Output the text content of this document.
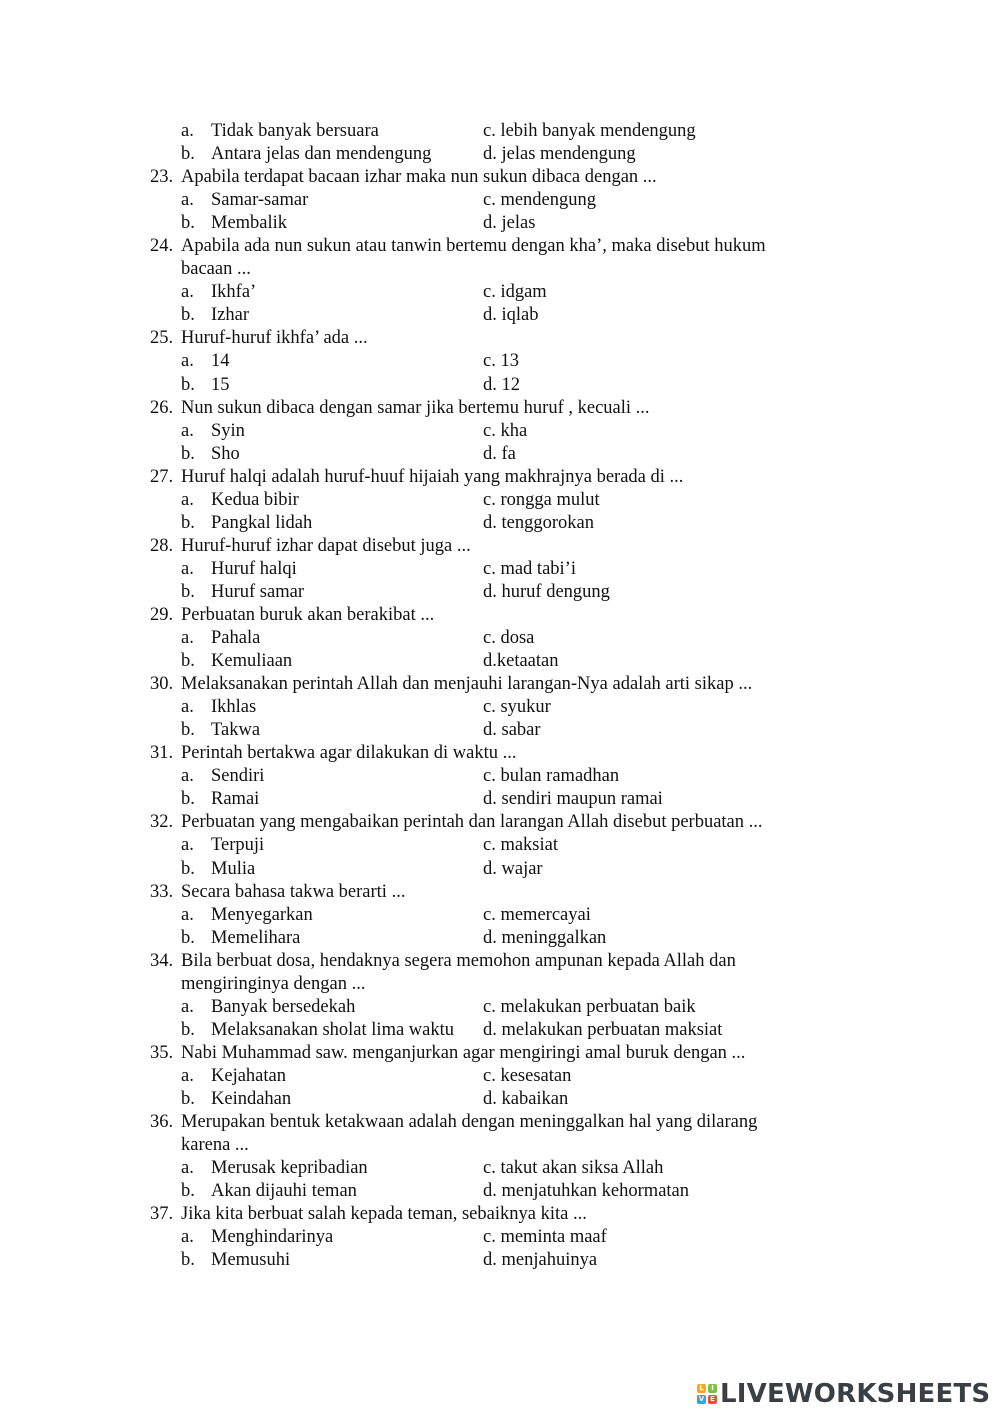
a. Tidak banyak bersuara	c. lebih banyak mendengung
b. Antara jelas dan mendengung	d. jelas mendengung
23. Apabila terdapat bacaan izhar maka nun sukun dibaca dengan ...
a. Samar-samar	c. mendengung
b. Membalik	d. jelas
24. Apabila ada nun sukun atau tanwin bertemu dengan kha’, maka disebut hukum
bacaan ...
a. Ikhfa’	c. idgam
b. Izhar	d. iqlab
25. Huruf-huruf ikhfa’ ada ...
a. 14	c. 13
b. 15	d. 12
26. Nun sukun dibaca dengan samar jika bertemu huruf , kecuali ...
a. Syin	c. kha
b. Sho	d. fa
27. Huruf halqi adalah huruf-huuf hijaiah yang makhrajnya berada di ...
a. Kedua bibir	c. rongga mulut
b. Pangkal lidah	d. tenggorokan
28. Huruf-huruf izhar dapat disebut juga ...
a. Huruf halqi	c. mad tabi’i
b. Huruf samar	d. huruf dengung
29. Perbuatan buruk akan berakibat ...
a. Pahala	c. dosa
b. Kemuliaan	d.ketaatan
30. Melaksanakan perintah Allah dan menjauhi larangan-Nya adalah arti sikap ...
a. Ikhlas	c. syukur
b. Takwa	d. sabar
31. Perintah bertakwa agar dilakukan di waktu ...
a. Sendiri	c. bulan ramadhan
b. Ramai	d. sendiri maupun ramai
32. Perbuatan yang mengabaikan perintah dan larangan Allah disebut perbuatan ...
a. Terpuji	c. maksiat
b. Mulia	d. wajar
33. Secara bahasa takwa berarti ...
a. Menyegarkan	c. memercayai
b. Memelihara	d. meninggalkan
34. Bila berbuat dosa, hendaknya segera memohon ampunan kepada Allah dan
mengiringinya dengan ...
a. Banyak bersedekah	c. melakukan perbuatan baik
b. Melaksanakan sholat lima waktu d. melakukan perbuatan maksiat
35. Nabi Muhammad saw. menganjurkan agar mengiringi amal buruk dengan ...
a. Kejahatan	c. kesesatan
b. Keindahan	d. kabaikan
36. Merupakan bentuk ketakwaan adalah dengan meninggalkan hal yang dilarang
karena ...
a. Merusak kepribadian	c. takut akan siksa Allah
b. Akan dijauhi teman	d. menjatuhkan kehormatan
37. Jika kita berbuat salah kepada teman, sebaiknya kita ...
a. Menghindarinya	c. meminta maaf
b. Memusuhi	d. menjahuinya
L	I
V E LIVEWORKSHEETS
